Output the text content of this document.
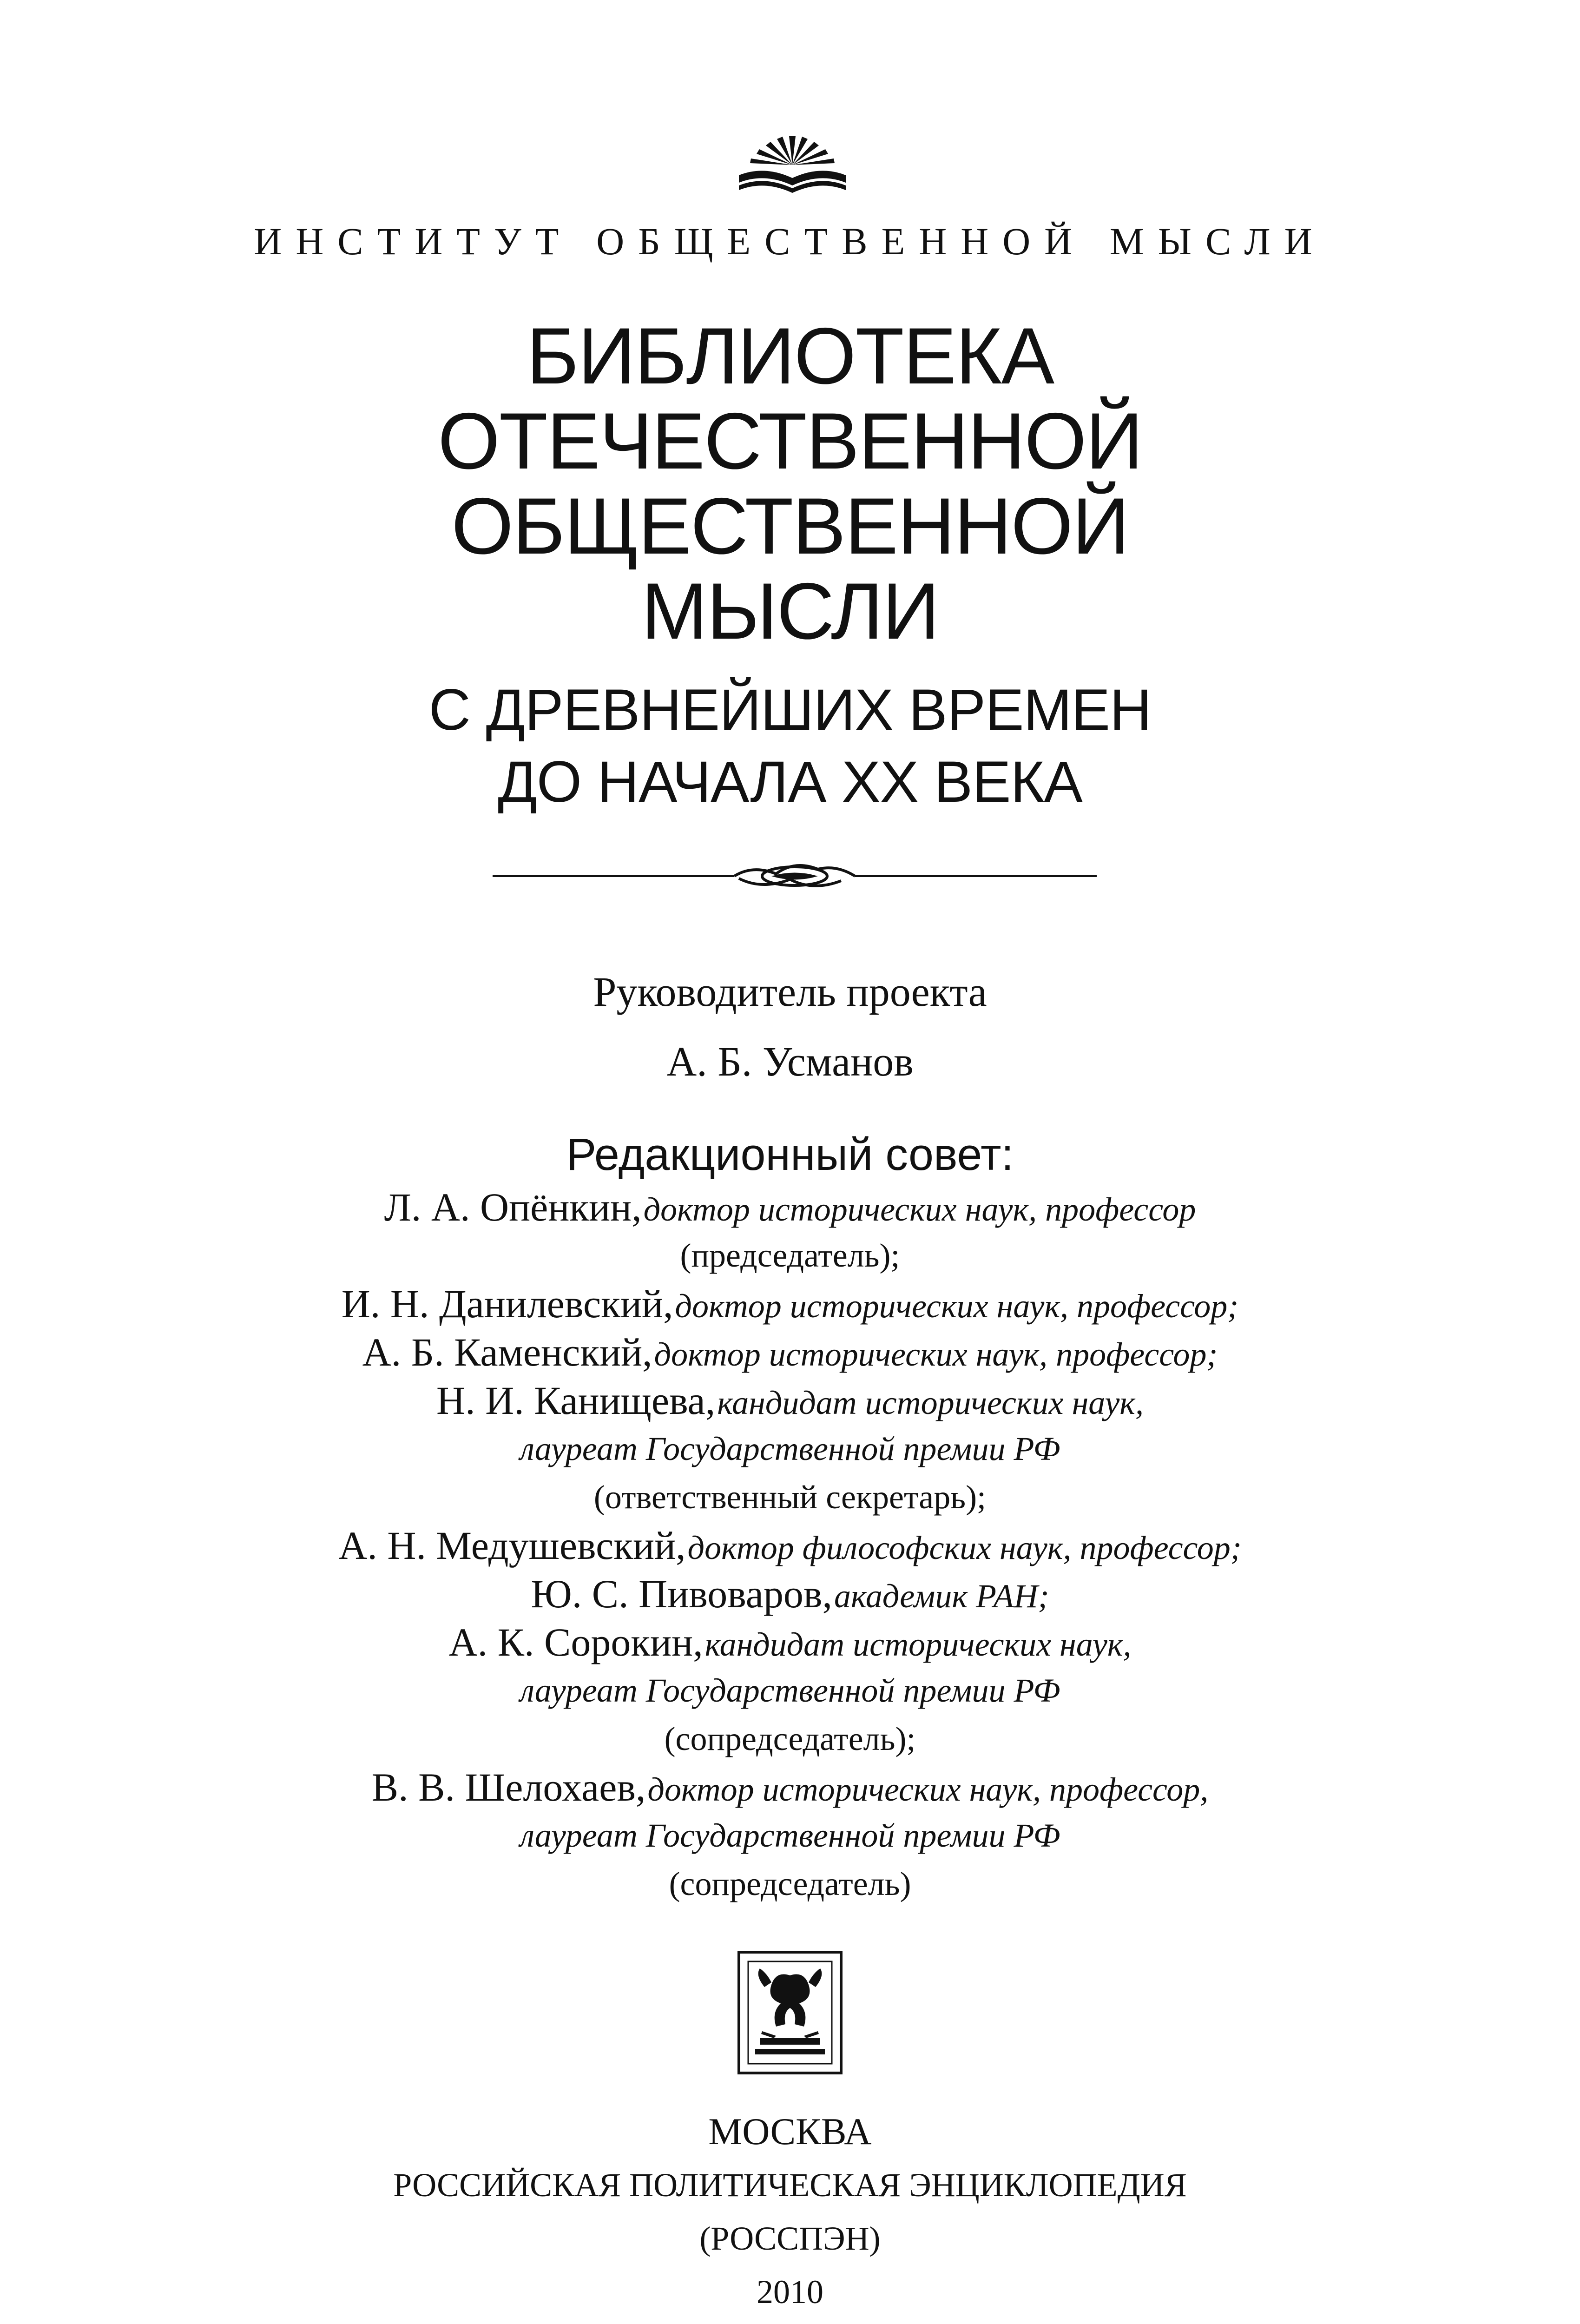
ИНСТИТУТ ОБЩЕСТВЕННОЙ МЫСЛИ
БИБЛИОТЕКА
ОТЕЧЕСТВЕННОЙ
ОБЩЕСТВЕННОЙ
МЫСЛИ
С ДРЕВНЕЙШИХ ВРЕМЕН
ДО НАЧАЛА XX ВЕКА
Руководитель проекта
А. Б. Усманов
Редакционный совет:
Л. А. Опёнкин, доктор исторических наук, профессор
(председатель);
И. Н. Данилевский, доктор исторических наук, профессор;
А. Б. Каменский, доктор исторических наук, профессор;
Н. И. Канищева, кандидат исторических наук,
лауреат Государственной премии РФ
(ответственный секретарь);
А. Н. Медушевский, доктор философских наук, профессор;
Ю. С. Пивоваров, академик РАН;
А. К. Сорокин, кандидат исторических наук,
лауреат Государственной премии РФ
(сопредседатель);
В. В. Шелохаев, доктор исторических наук, профессор,
лауреат Государственной премии РФ
(сопредседатель)
МОСКВА
РОССИЙСКАЯ ПОЛИТИЧЕСКАЯ ЭНЦИКЛОПЕДИЯ
(РОССПЭН)
2010
